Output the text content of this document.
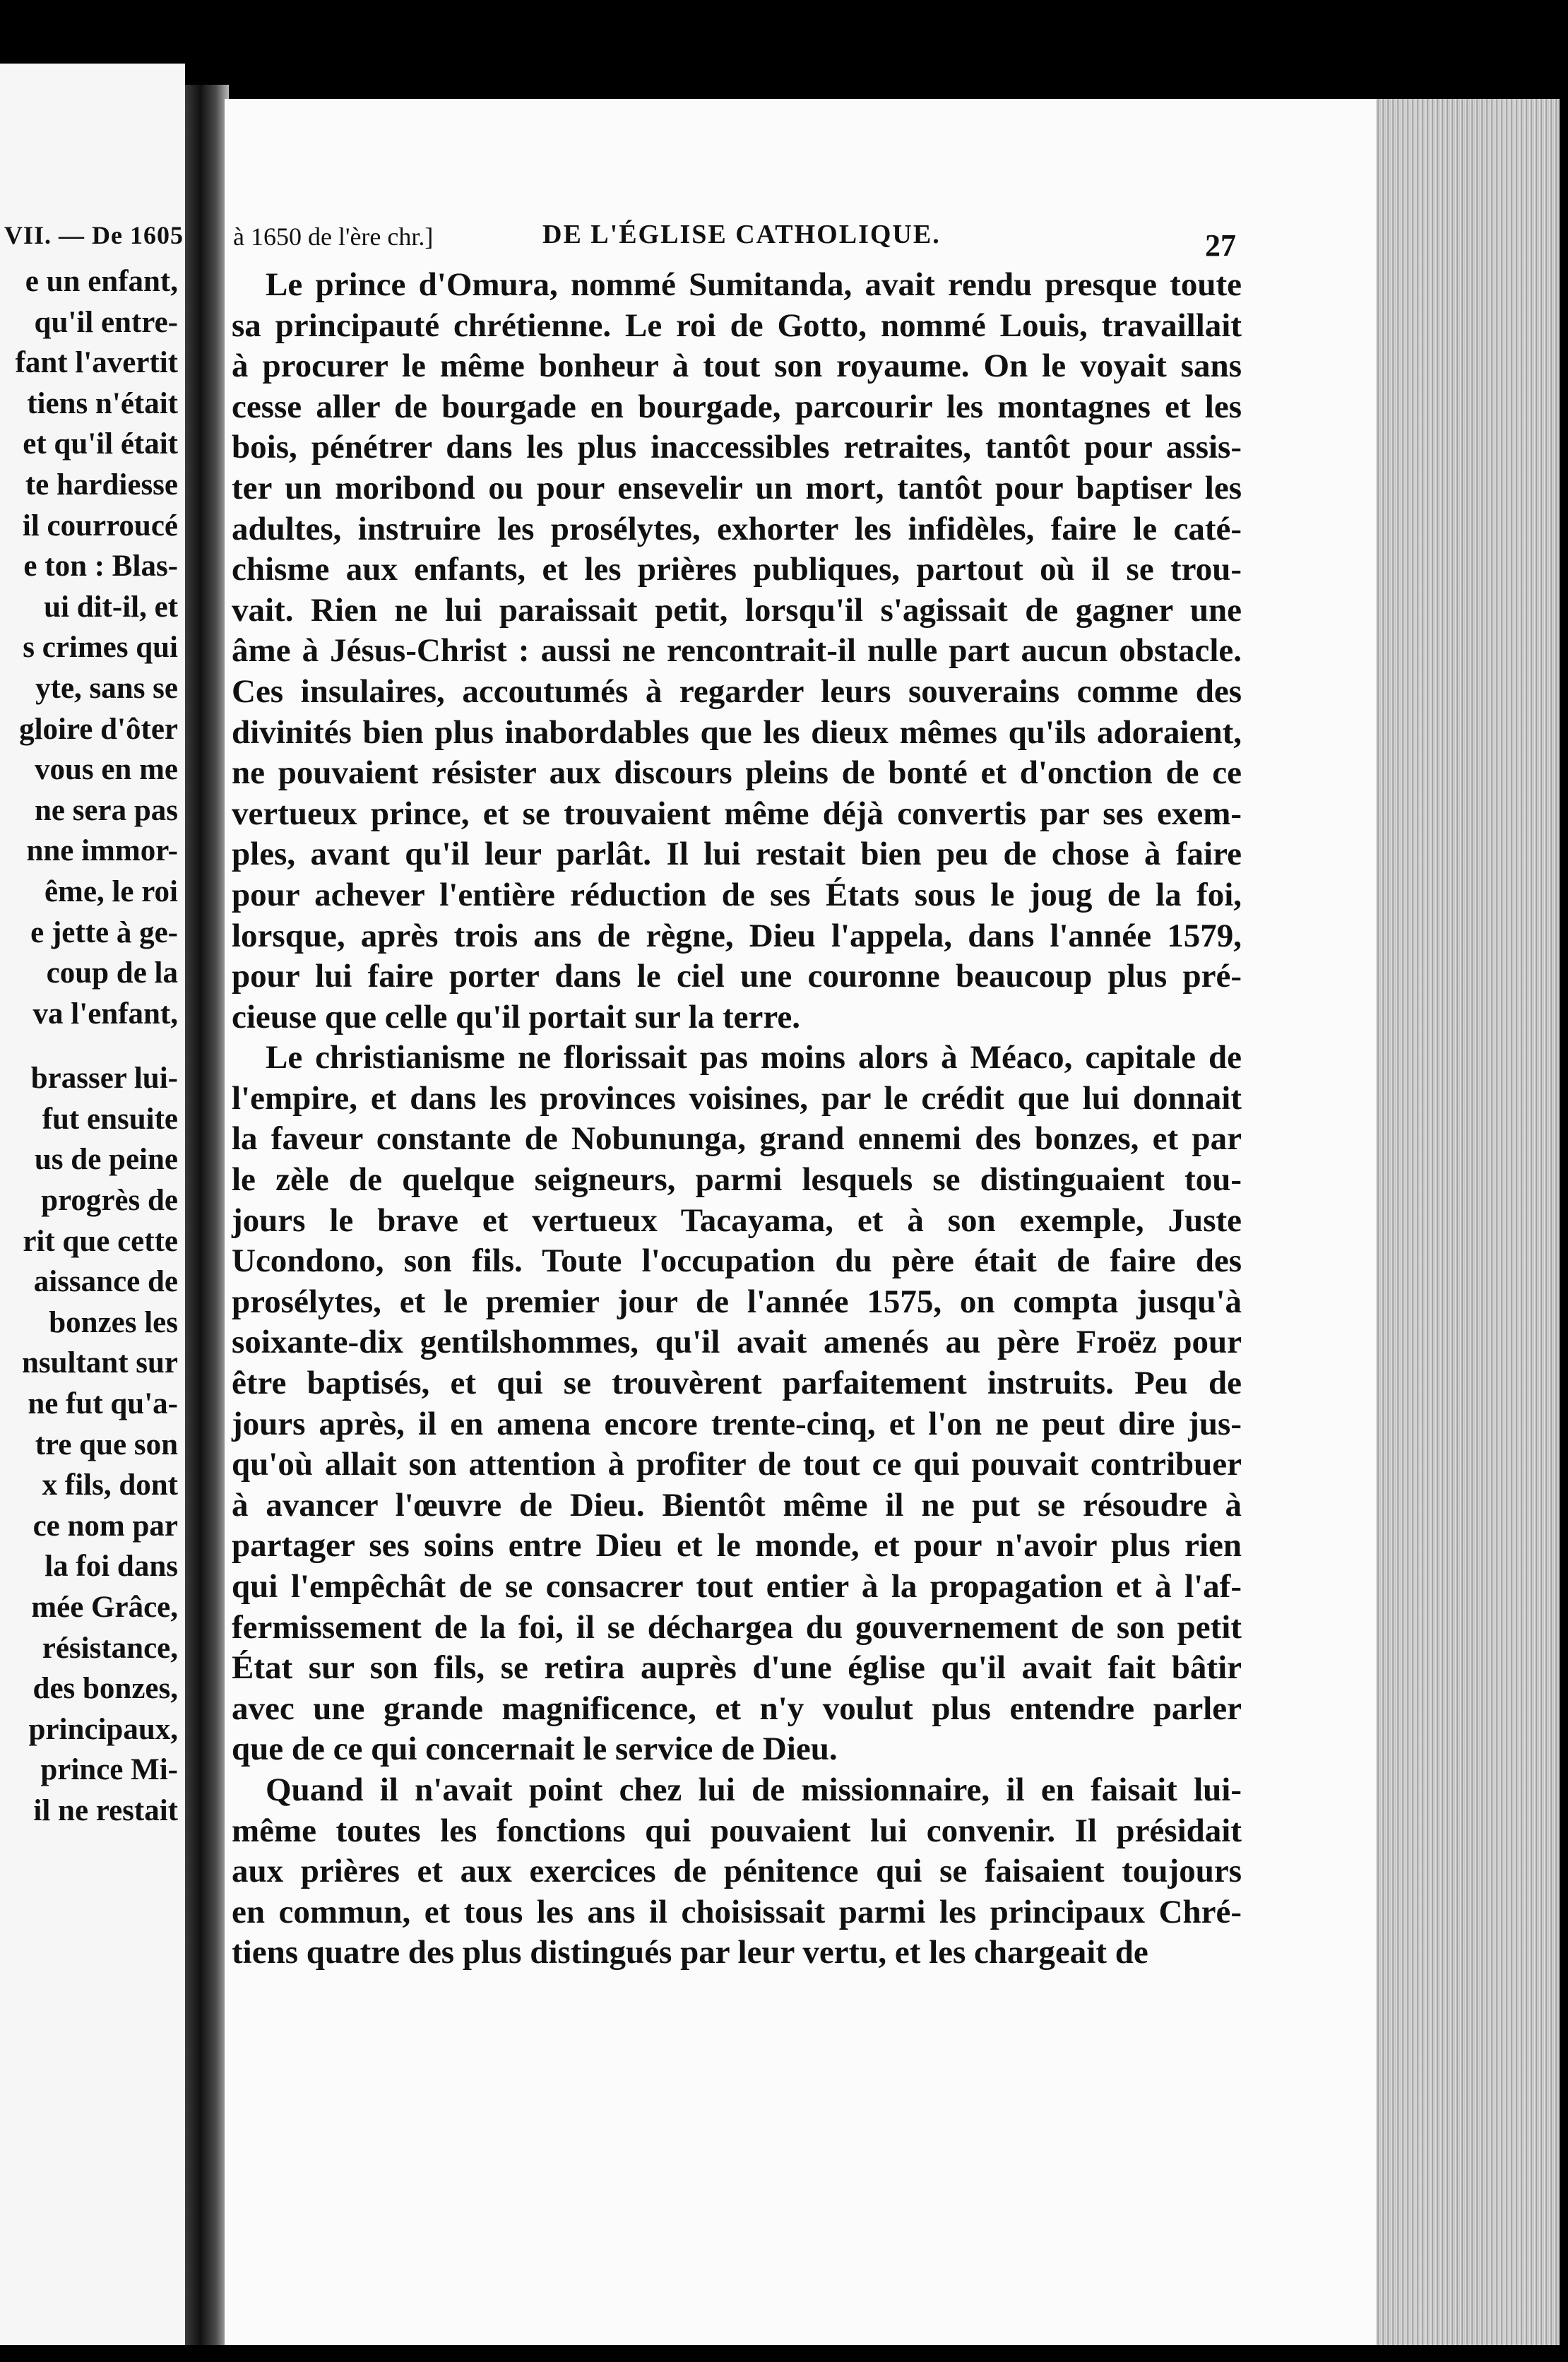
VII. — De 1605
e un enfant,
qu'il entre-
fant l'avertit
tiens n'était
et qu'il était
te hardiesse
il courroucé
e ton : Blas-
ui dit-il, et
s crimes qui
yte, sans se
gloire d'ôter
vous en me
ne sera pas
nne immor-
ême, le roi
e jette à ge-
coup de la
va l'enfant,
brasser lui-
fut ensuite
us de peine
progrès de
rit que cette
aissance de
bonzes les
nsultant sur
ne fut qu'a-
tre que son
x fils, dont
ce nom par
la foi dans
mée Grâce,
résistance,
des bonzes,
principaux,
prince Mi-
il ne restait
à 1650 de l'ère chr.]	DE L'ÉGLISE CATHOLIQUE.	27
Le prince d'Omura, nommé Sumitanda, avait rendu presque toute
sa principauté chrétienne. Le roi de Gotto, nommé Louis, travaillait
à procurer le même bonheur à tout son royaume. On le voyait sans
cesse aller de bourgade en bourgade, parcourir les montagnes et les
bois, pénétrer dans les plus inaccessibles retraites, tantôt pour assis-
ter un moribond ou pour ensevelir un mort, tantôt pour baptiser les
adultes, instruire les prosélytes, exhorter les infidèles, faire le caté-
chisme aux enfants, et les prières publiques, partout où il se trou-
vait. Rien ne lui paraissait petit, lorsqu'il s'agissait de gagner une
âme à Jésus-Christ : aussi ne rencontrait-il nulle part aucun obstacle.
Ces insulaires, accoutumés à regarder leurs souverains comme des
divinités bien plus inabordables que les dieux mêmes qu'ils adoraient,
ne pouvaient résister aux discours pleins de bonté et d'onction de ce
vertueux prince, et se trouvaient même déjà convertis par ses exem-
ples, avant qu'il leur parlât. Il lui restait bien peu de chose à faire
pour achever l'entière réduction de ses États sous le joug de la foi,
lorsque, après trois ans de règne, Dieu l'appela, dans l'année 1579,
pour lui faire porter dans le ciel une couronne beaucoup plus pré-
cieuse que celle qu'il portait sur la terre.
Le christianisme ne florissait pas moins alors à Méaco, capitale de
l'empire, et dans les provinces voisines, par le crédit que lui donnait
la faveur constante de Nobununga, grand ennemi des bonzes, et par
le zèle de quelque seigneurs, parmi lesquels se distinguaient tou-
jours le brave et vertueux Tacayama, et à son exemple, Juste
Ucondono, son fils. Toute l'occupation du père était de faire des
prosélytes, et le premier jour de l'année 1575, on compta jusqu'à
soixante-dix gentilshommes, qu'il avait amenés au père Froëz pour
être baptisés, et qui se trouvèrent parfaitement instruits. Peu de
jours après, il en amena encore trente-cinq, et l'on ne peut dire jus-
qu'où allait son attention à profiter de tout ce qui pouvait contribuer
à avancer l'œuvre de Dieu. Bientôt même il ne put se résoudre à
partager ses soins entre Dieu et le monde, et pour n'avoir plus rien
qui l'empêchât de se consacrer tout entier à la propagation et à l'af-
fermissement de la foi, il se déchargea du gouvernement de son petit
État sur son fils, se retira auprès d'une église qu'il avait fait bâtir
avec une grande magnificence, et n'y voulut plus entendre parler
que de ce qui concernait le service de Dieu.
Quand il n'avait point chez lui de missionnaire, il en faisait lui-
même toutes les fonctions qui pouvaient lui convenir. Il présidait
aux prières et aux exercices de pénitence qui se faisaient toujours
en commun, et tous les ans il choisissait parmi les principaux Chré-
tiens quatre des plus distingués par leur vertu, et les chargeait de
